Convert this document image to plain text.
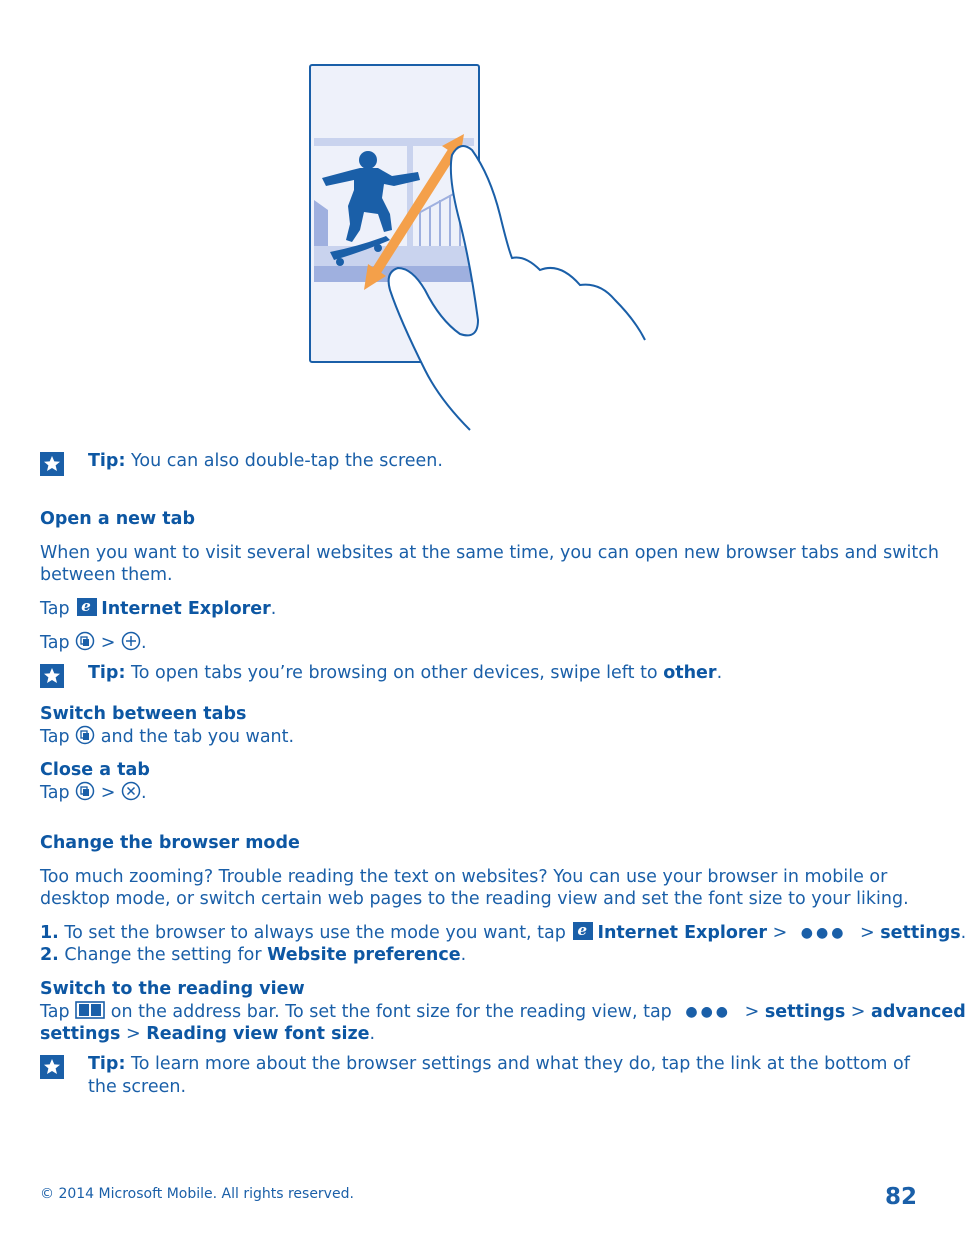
Tip: You can also double-tap the screen.
Open a new tab
When you want to visit several websites at the same time, you can open new browser tabs and switch
between them.
Tap e Internet Explorer.
Tap  > .
Tip: To open tabs you’re browsing on other devices, swipe left to other.
Switch between tabs
Tap  and the tab you want.
Close a tab
Tap  > .
Change the browser mode
Too much zooming? Trouble reading the text on websites? You can use your browser in mobile or
desktop mode, or switch certain web pages to the reading view and set the font size to your liking.
1. To set the browser to always use the mode you want, tap e Internet Explorer > ●●● > settings.
2. Change the setting for Website preference.
Switch to the reading view
Tap  on the address bar. To set the font size for the reading view, tap ●●● > settings > advanced
settings > Reading view font size.
Tip: To learn more about the browser settings and what they do, tap the link at the bottom of
the screen.
© 2014 Microsoft Mobile. All rights reserved.	82
